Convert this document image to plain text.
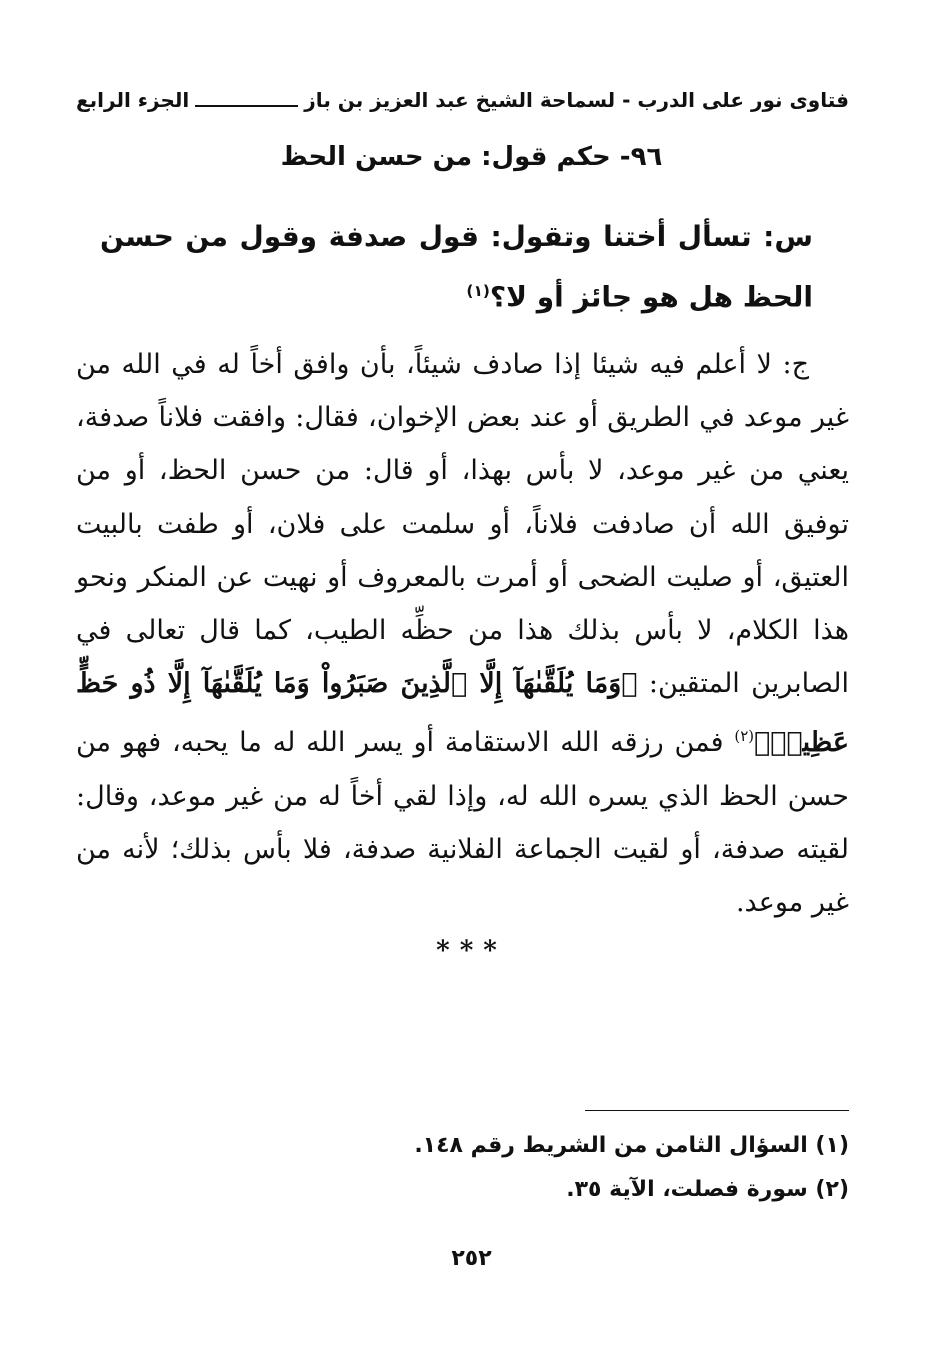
فتاوى نور على الدرب - لسماحة الشيخ عبد العزيز بن باز
الجزء الرابع
٩٦- حكم قول: من حسن الحظ
س: تسأل أختنا وتقول: قول صدفة وقول من حسن الحظ هل هو جائز أو لا؟$^{(١)}$
ج: لا أعلم فيه شيئا إذا صادف شيئاً، بأن وافق أخاً له في الله من غير موعد في الطريق أو عند بعض الإخوان، فقال: وافقت فلاناً صدفة، يعني من غير موعد، لا بأس بهذا، أو قال: من حسن الحظ، أو من توفيق الله أن صادفت فلاناً، أو سلمت على فلان، أو طفت بالبيت العتيق، أو صليت الضحى أو أمرت بالمعروف أو نهيت عن المنكر ونحو هذا الكلام، لا بأس بذلك هذا من حظِّه الطيب، كما قال تعالى في الصابرين المتقين: ﴿وَمَا يُلَقَّىٰهَآ إِلَّا ٱلَّذِينَ صَبَرُواْ وَمَا يُلَقَّىٰهَآ إِلَّا ذُو حَظٍّ عَظِيمٖ﴾$^{(٢)}$ فمن رزقه الله الاستقامة أو يسر الله له ما يحبه، فهو من حسن الحظ الذي يسره الله له، وإذا لقي أخاً له من غير موعد، وقال: لقيته صدفة، أو لقيت الجماعة الفلانية صدفة، فلا بأس بذلك؛ لأنه من غير موعد.
***
(١) السؤال الثامن من الشريط رقم ١٤٨.
(٢) سورة فصلت، الآية ٣٥.
٢٥٢
